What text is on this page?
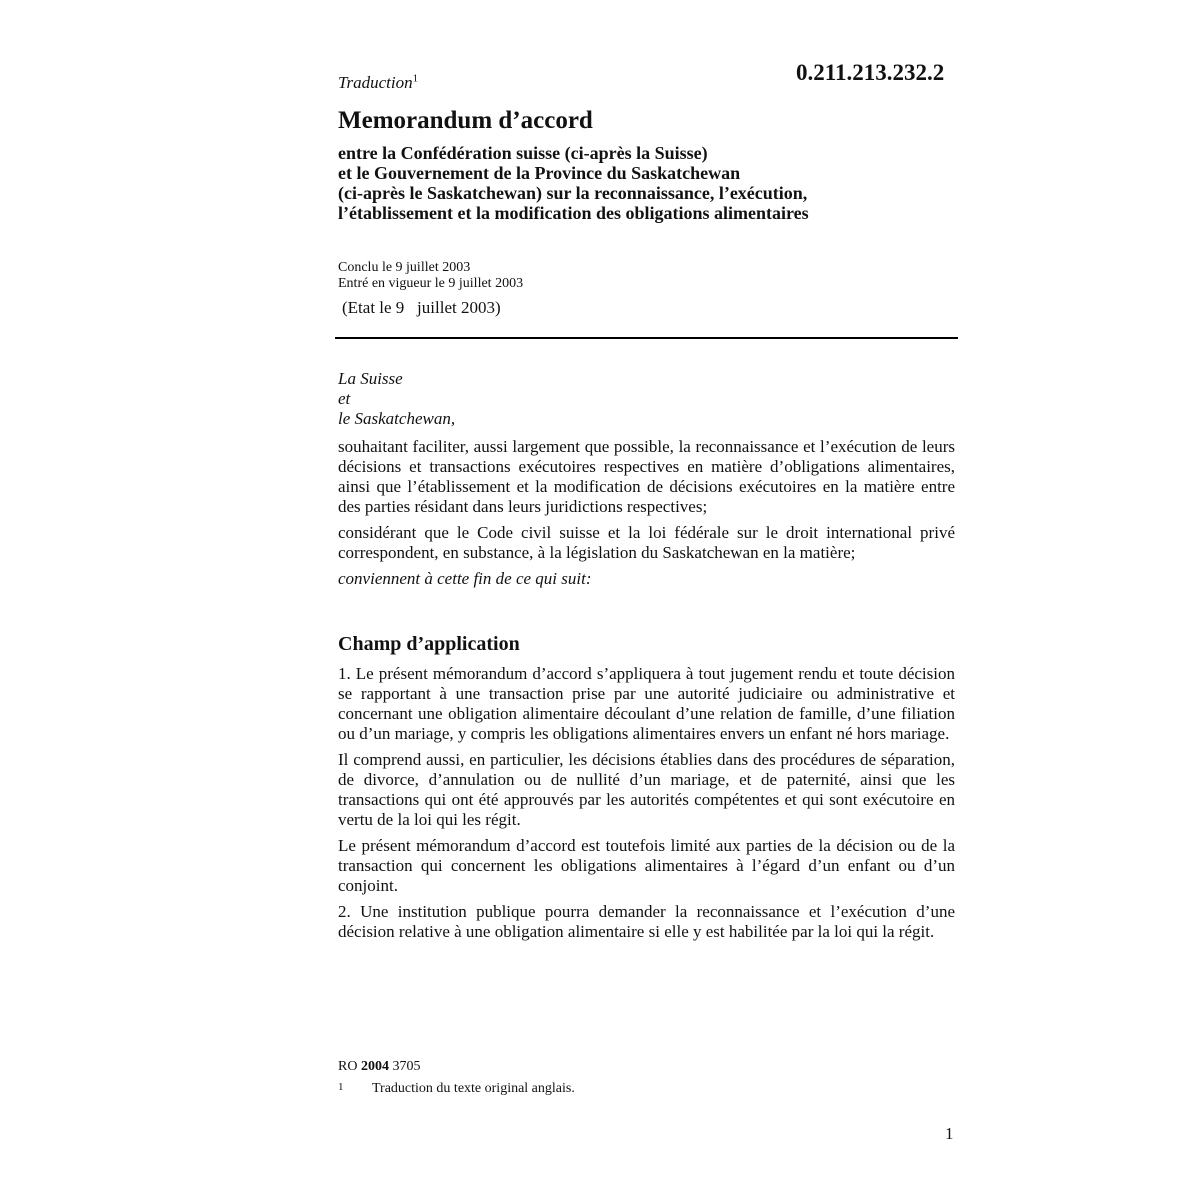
Traduction$^1$	0.211.213.232.2
Memorandum d’accord
entre la Confédération suisse (ci-après la Suisse)
et le Gouvernement de la Province du Saskatchewan
(ci-après le Saskatchewan) sur la reconnaissance, l’exécution,
l’établissement et la modification des obligations alimentaires
Conclu le 9 juillet 2003
Entré en vigueur le 9 juillet 2003
(Etat le 9   juillet 2003)
La Suisse
et
le Saskatchewan,

souhaitant faciliter, aussi largement que possible, la reconnaissance et l’exécution de leurs décisions et transactions exécutoires respectives en matière d’obligations alimentaires, ainsi que l’établissement et la modification de décisions exécutoires en la matière entre des parties résidant dans leurs juridictions respectives;

considérant que le Code civil suisse et la loi fédérale sur le droit international privé correspondent, en substance, à la législation du Saskatchewan en la matière;

conviennent à cette fin de ce qui suit:

Champ d’application

1. Le présent mémorandum d’accord s’appliquera à tout jugement rendu et toute décision se rapportant à une transaction prise par une autorité judiciaire ou administrative et concernant une obligation alimentaire découlant d’une relation de famille, d’une filiation ou d’un mariage, y compris les obligations alimentaires envers un enfant né hors mariage.

Il comprend aussi, en particulier, les décisions établies dans des procédures de séparation, de divorce, d’annulation ou de nullité d’un mariage, et de paternité, ainsi que les transactions qui ont été approuvés par les autorités compétentes et qui sont exécutoire en vertu de la loi qui les régit.

Le présent mémorandum d’accord est toutefois limité aux parties de la décision ou de la transaction qui concernent les obligations alimentaires à l’égard d’un enfant ou d’un conjoint.

2. Une institution publique pourra demander la reconnaissance et l’exécution d’une décision relative à une obligation alimentaire si elle y est habilitée par la loi qui la régit.

RO 2004 3705
1 Traduction du texte original anglais.
1
